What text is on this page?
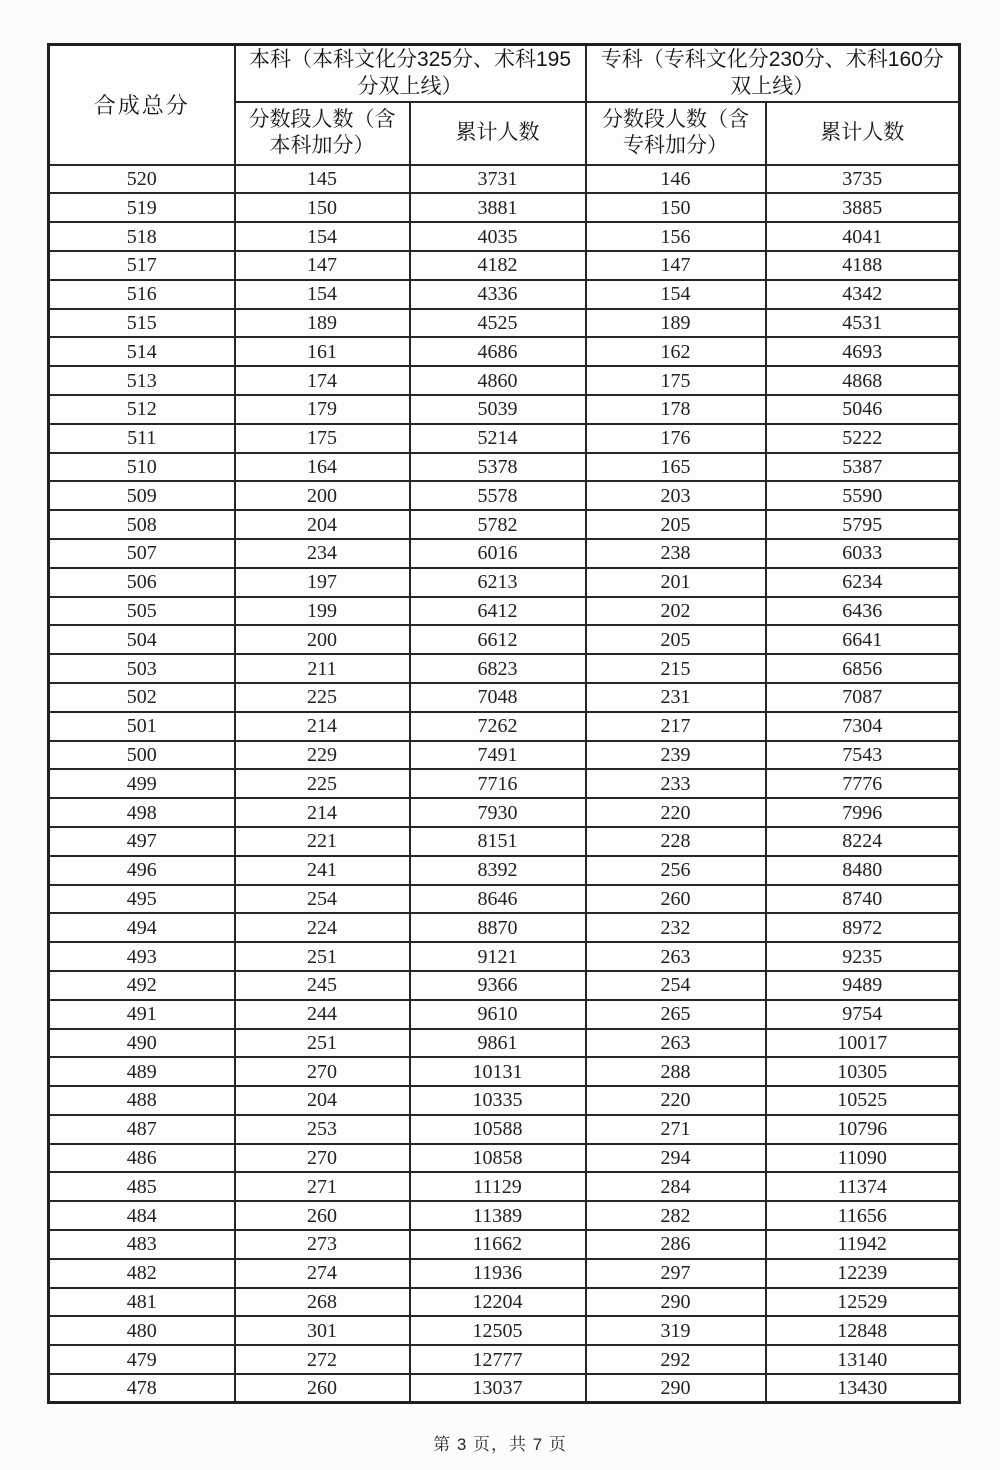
合成总分	本科（本科文化分325分、术科195分双上线）		专科（专科文化分230分、术科160分双上线）	
	分数段人数（含本科加分）	累计人数	分数段人数（含专科加分）	累计人数
520	145	3731	146	3735
519	150	3881	150	3885
518	154	4035	156	4041
517	147	4182	147	4188
516	154	4336	154	4342
515	189	4525	189	4531
514	161	4686	162	4693
513	174	4860	175	4868
512	179	5039	178	5046
511	175	5214	176	5222
510	164	5378	165	5387
509	200	5578	203	5590
508	204	5782	205	5795
507	234	6016	238	6033
506	197	6213	201	6234
505	199	6412	202	6436
504	200	6612	205	6641
503	211	6823	215	6856
502	225	7048	231	7087
501	214	7262	217	7304
500	229	7491	239	7543
499	225	7716	233	7776
498	214	7930	220	7996
497	221	8151	228	8224
496	241	8392	256	8480
495	254	8646	260	8740
494	224	8870	232	8972
493	251	9121	263	9235
492	245	9366	254	9489
491	244	9610	265	9754
490	251	9861	263	10017
489	270	10131	288	10305
488	204	10335	220	10525
487	253	10588	271	10796
486	270	10858	294	11090
485	271	11129	284	11374
484	260	11389	282	11656
483	273	11662	286	11942
482	274	11936	297	12239
481	268	12204	290	12529
480	301	12505	319	12848
479	272	12777	292	13140
478	260	13037	290	13430
第 3 页，共 7 页
